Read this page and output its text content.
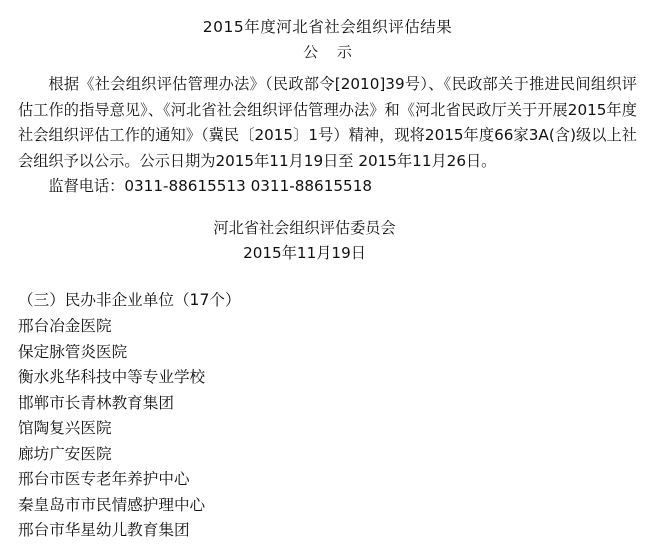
2015年度河北省社会组织评估结果
公 示

根据《社会组织评估管理办法》（民政部令[2010]39号）、《民政部关于推进民间组织评估工作的指导意见》、《河北省社会组织评估管理办法》和《河北省民政厅关于开展2015年度社会组织评估工作的通知》（冀民〔2015〕1号）精神，现将2015年度66家3A(含)级以上社会组织予以公示。公示日期为2015年11月19日至 2015年11月26日。

监督电话：0311-88615513 0311-88615518

河北省社会组织评估委员会
2015年11月19日

（三）民办非企业单位（17个）

邢台冶金医院
保定脉管炎医院
衡水兆华科技中等专业学校
邯郸市长青林教育集团
馆陶复兴医院
廊坊广安医院
邢台市医专老年养护中心
秦皇岛市市民情感护理中心
邢台市华星幼儿教育集团
